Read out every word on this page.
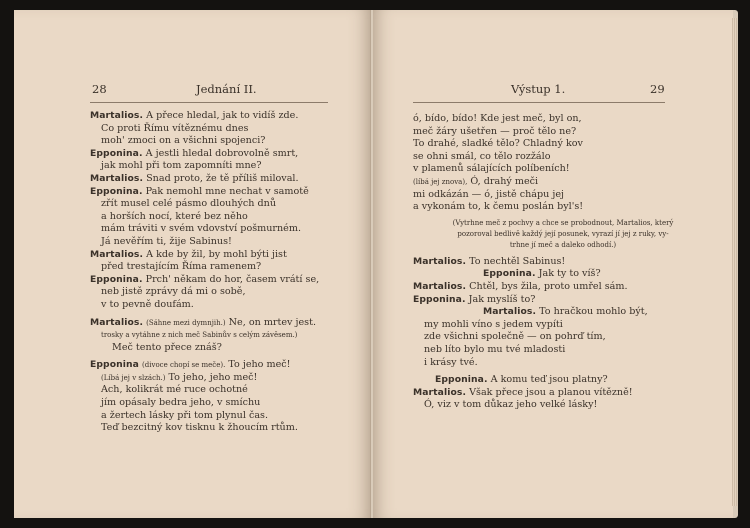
28	Jednání II.
Martalios. A přece hledal, jak to vidíš zde.
Co proti Římu vítěznému dnes
moh' zmoci on a všichni spojenci?
Epponina. A jestli hledal dobrovolně smrt,
jak mohl při tom zapomníti mne?
Martalios. Snad proto, že tě příliš miloval.
Epponina. Pak nemohl mne nechat v samotě
zřít musel celé pásmo dlouhých dnů
a horších nocí, které bez něho
mám tráviti v svém vdovství pošmurném.
Já nevěřím ti, žije Sabinus!
Martalios. A kde by žil, by mohl býti jist
před trestajícím Říma ramenem?
Epponina. Prch' někam do hor, časem vrátí se,
neb jistě zprávy dá mi o sobě,
v to pevně doufám.
Martalios. (Sáhne mezi dymnjih.) Ne, on mrtev jest.
trosky a vytáhne z nich meč Sabinův s celým závěsem.)
Meč tento přece znáš?
Epponina (divoce chopí se meče). To jeho meč!
(Líbá jej v slzách.) To jeho, jeho meč!
Ach, kolikrát mé ruce ochotné
jím opásaly bedra jeho, v smíchu
a žertech lásky při tom plynul čas.
Teď bezcitný kov tisknu k žhoucím rtům.
Výstup 1.	29
ó, bído, bído! Kde jest meč, byl on,
meč žáry ušetřen — proč tělo ne?
To drahé, sladké tělo? Chladný kov
se ohni smál, co tělo rozžálo
v plamenů sálajících políbeních!
(líbá jej znova), Ó, drahý meči
mi odkázán — ó, jistě chápu jej
a vykonám to, k čemu poslán byl's!
(Vytrhne meč z pochvy a chce se probodnout, Martalios, který
pozoroval bedlivě každý její posunek, vyrazí jí jej z ruky, vy-
trhne jí meč a daleko odhodí.)
Martalios. To nechtěl Sabinus!
Epponina. Jak ty to víš?
Martalios. Chtěl, bys žila, proto umřel sám.
Epponina. Jak myslíš to?
Martalios. To hračkou mohlo být,
my mohli víno s jedem vypíti
zde všichni společně — on pohrď tím,
neb líto bylo mu tvé mladosti
i krásy tvé.
Epponina. A komu teď jsou platny?
Martalios. Však přece jsou a planou vítězně!
Ó, viz v tom důkaz jeho velké lásky!
